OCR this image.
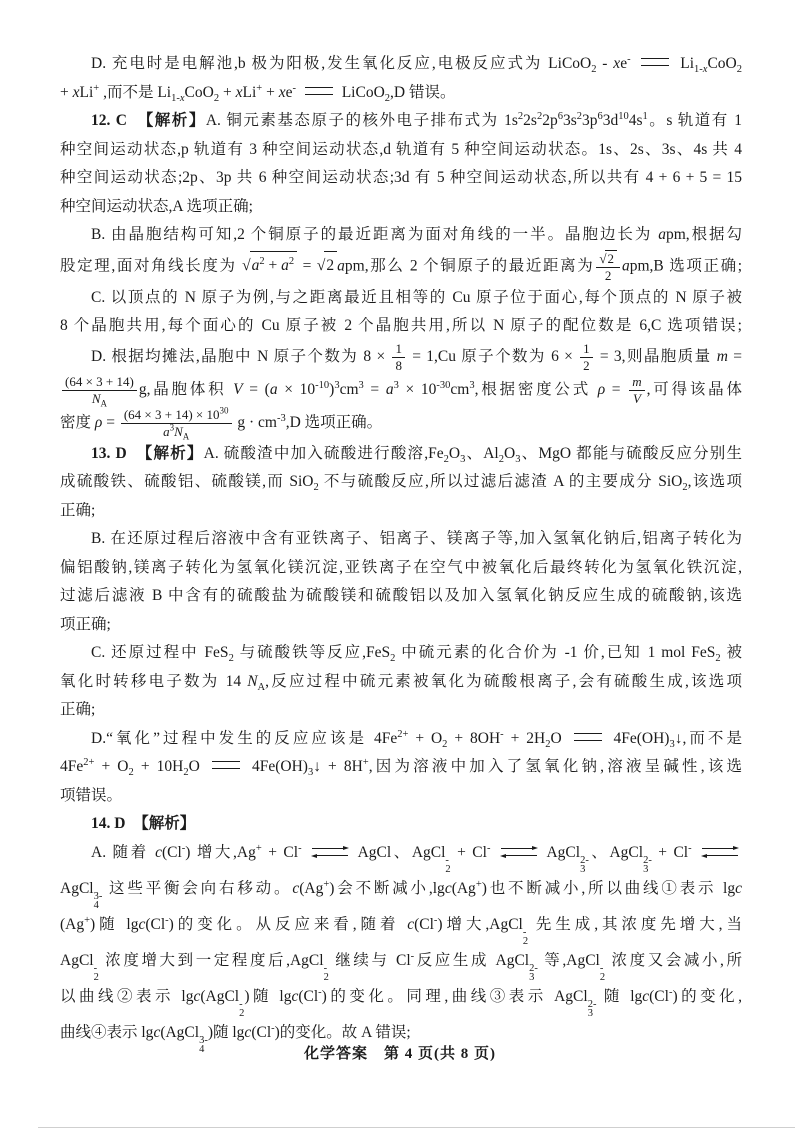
D. 充电时是电解池,b 极为阳极,发生氧化反应,电极反应式为 LiCoO$_2$ - xe-	$Li_{1-x}CoO_2$
+ xLi+ ,而不是 $Li_{1-x}CoO_2 + xLi^+ + xe^-$	LiCoO$_2$,D 错误。
12. C　【解析】A. 铜元素基态原子的核外电子排布式为 $1s^22s^22p^63s^23p^63d^{10}4s^1$。s 轨道有 1
种空间运动状态,p 轨道有 3 种空间运动状态,d 轨道有 5 种空间运动状态。1s、2s、3s、4s 共 4
种空间运动状态;2p、3p 共 6 种空间运动状态;3d 有 5 种空间运动状态,所以共有 4 + 6 + 5 = 15
种空间运动状态,A 选项正确;
B. 由晶胞结构可知,2 个铜原子的最近距离为面对角线的一半。晶胞边长为 apm,根据勾
股定理,面对角线长度为 √ $a^2 + a^2$ = √ 2 apm,那么 2 个铜原子的最近距离为 $\frac{√ 2}{2} apm,B$ 选项正确;
C. 以顶点的 N 原子为例,与之距离最近且相等的 Cu 原子位于面心,每个顶点的 N 原子被
8 个晶胞共用,每个面心的 Cu 原子被 2 个晶胞共用,所以 N 原子的配位数是 6,C 选项错误;
D. 根据均摊法,晶胞中 N 原子个数为 $8 \times \frac{1}{8} = 1,Cu$ 原子个数为 $6 \times \frac{1}{2} = 3$,则晶胞质量 m =
$\frac{(64 \times 3 + 14)}{N_A} g$,晶胞体积 $V = (a \times 10^{-10})^3cm^3 = a^3 \times 10^{-30}cm^3$,根据密度公式 $\rho = \frac{m}{V}$ ,可得该晶体
密度 $\rho = \frac{(64 \times 3 + 14) \times 10^{30}}{a^3N_A}$ $g \cdot cm^{-3},D$ 选项正确。
13. D　【解析】A. 硫酸渣中加入硫酸进行酸溶$,Fe_2O_3$、$Al_2O_3$、MgO 都能与硫酸反应分别生
成硫酸铁、硫酸铝、硫酸镁,而 SiO$_2$ 不与硫酸反应,所以过滤后滤渣 A 的主要成分 SiO$_2$,该选项
正确;
B. 在还原过程后溶液中含有亚铁离子、铝离子、镁离子等,加入氢氧化钠后,铝离子转化为
偏铝酸钠,镁离子转化为氢氧化镁沉淀,亚铁离子在空气中被氧化后最终转化为氢氧化铁沉淀,
过滤后滤液 B 中含有的硫酸盐为硫酸镁和硫酸铝以及加入氢氧化钠反应生成的硫酸钠,该选
项正确;
C. 还原过程中 FeS$_2$ 与硫酸铁等反应,FeS$_2$ 中硫元素的化合价为 -1 价,已知 1 mol FeS$_2$ 被
氧化时转移电子数为 14 $N_A$,反应过程中硫元素被氧化为硫酸根离子,会有硫酸生成,该选项
正确;
D.“氧化”过程中发生的反应应该是 $4Fe^{2+} + O_2 + 8OH^- + 2H_2O$  $4Fe(OH)_3↓$,而不是
$4Fe^{2+} + O_2 + 10H_2O$  $4Fe(OH)_3↓ + 8H^+$,因为溶液中加入了氢氧化钠,溶液呈碱性,该选
项错误。
14. D　【解析】
A. 随着 c(Cl-) 增大,Ag+ + Cl-	AgCl、AgCl -
2
+ Cl-	AgCl 2-
3
、AgCl 2-
3
+ Cl-
AgCl 3-
4
这些平衡会向右移动。c(Ag+)会不断减小,lgc(Ag+)也不断减小,所以曲线①表示 lgc
(Ag+)随 lgc(Cl-)的变化。从反应来看,随着 c(Cl-)增大,AgCl -
2
先生成,其浓度先增大,当
AgCl -
2
浓度增大到一定程度后,AgCl -
2
继续与 Cl-反应生成 AgCl 2-
3
等,AgCl -
2
浓度又会减小,所
以曲线②表示 lgc(AgCl -
2
)随 lgc(Cl-)的变化。同理,曲线③表示 AgCl 2-
3
随 lgc(Cl-)的变化,
曲线④表示 lgc(AgCl 3-
4
)随 lgc(Cl-)的变化。故 A 错误;
化学答案　第 4 页(共 8 页)
